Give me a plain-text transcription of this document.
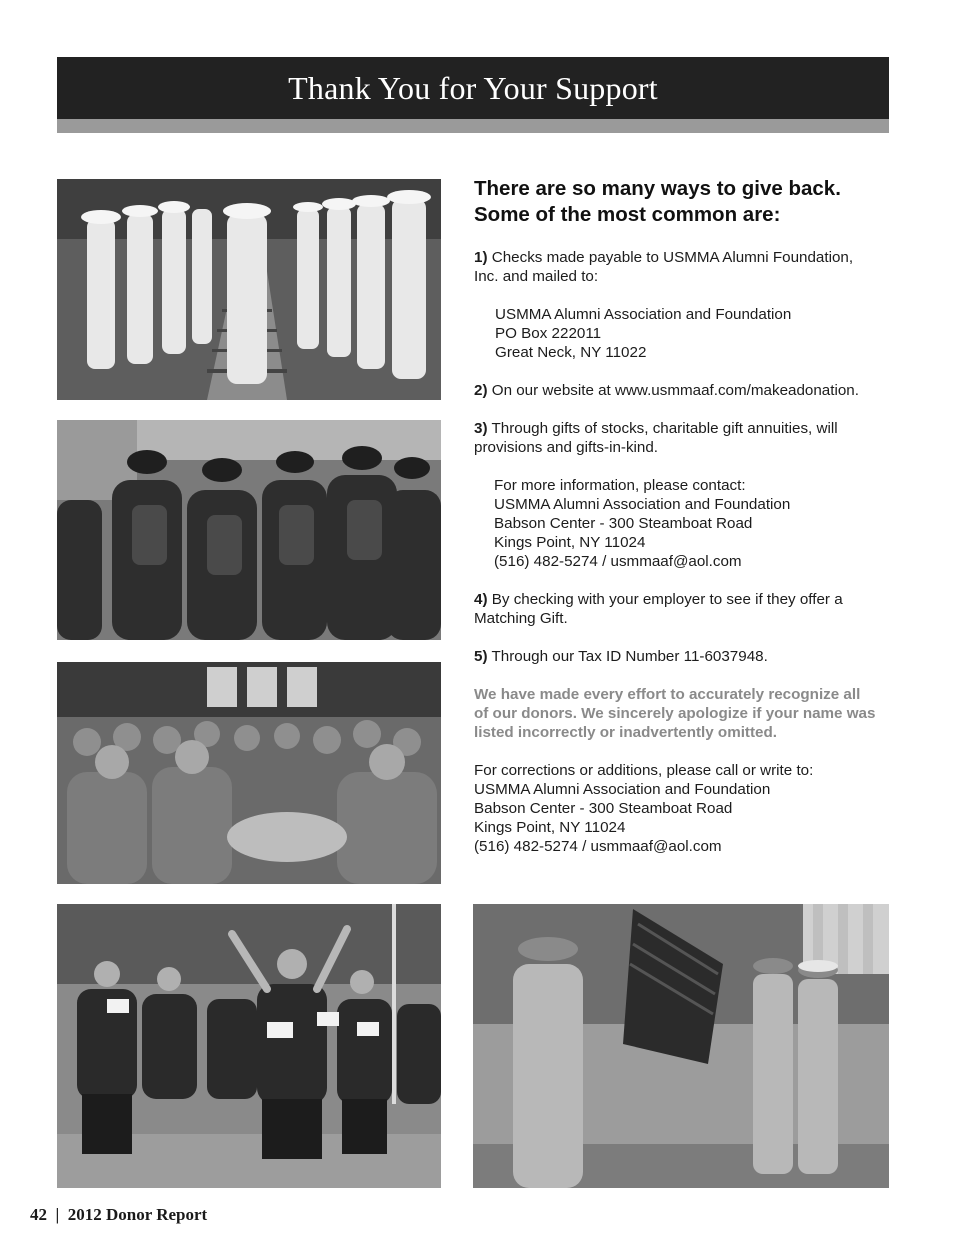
Thank You for Your Support
There are so many ways to give back.
Some of the most common are:
1) Checks made payable to USMMA Alumni Foundation,
Inc. and mailed to:
USMMA Alumni Association and Foundation
PO Box 222011
Great Neck, NY 11022
2) On our website at www.usmmaaf.com/makeadonation.
3) Through gifts of stocks, charitable gift annuities, will
provisions and gifts-in-kind.
For more information, please contact:
USMMA Alumni Association and Foundation
Babson Center - 300 Steamboat Road
Kings Point, NY 11024
(516) 482-5274 / usmmaaf@aol.com
4) By checking with your employer to see if they offer a
Matching Gift.
5) Through our Tax ID Number 11-6037948.
We have made every effort to accurately recognize all
of our donors. We sincerely apologize if your name was
listed incorrectly or inadvertently omitted.
For corrections or additions, please call or write to:
USMMA Alumni Association and Foundation
Babson Center - 300 Steamboat Road
Kings Point, NY 11024
(516) 482-5274 / usmmaaf@aol.com
42  |  2012 Donor Report
